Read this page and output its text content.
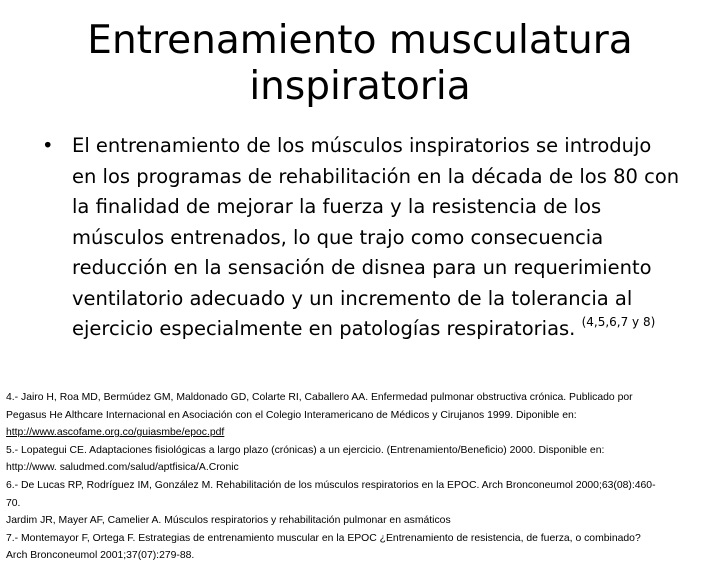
Entrenamiento musculatura
inspiratoria
• El entrenamiento de los músculos inspiratorios se introdujo
en los programas de rehabilitación en la década de los 80 con
la finalidad de mejorar la fuerza y la resistencia de los
músculos entrenados, lo que trajo como consecuencia
reducción en la sensación de disnea para un requerimiento
ventilatorio adecuado y un incremento de la tolerancia al
ejercicio especialmente en patologías respiratorias. $^{(4,5,6,7 y 8)}$
4.- Jairo H, Roa MD, Bermúdez GM, Maldonado GD, Colarte RI, Caballero AA. Enfermedad pulmonar obstructiva crónica. Publicado por
Pegasus He Althcare Internacional en Asociación con el Colegio Interamericano de Médicos y Cirujanos 1999. Diponible en:
http://www.ascofame.org.co/guiasmbe/epoc.pdf
5.- Lopategui CE. Adaptaciones fisiológicas a largo plazo (crónicas) a un ejercicio. (Entrenamiento/Beneficio) 2000. Disponible en:
http://www. saludmed.com/salud/aptfisica/A.Cronic
6.- De Lucas RP, Rodríguez IM, González M. Rehabilitación de los músculos respiratorios en la EPOC. Arch Bronconeumol 2000;63(08):460-
70.
Jardim JR, Mayer AF, Camelier A. Músculos respiratorios y rehabilitación pulmonar en asmáticos
7.- Montemayor F, Ortega F. Estrategias de entrenamiento muscular en la EPOC ¿Entrenamiento de resistencia, de fuerza, o combinado?
Arch Bronconeumol 2001;37(07):279-88.
